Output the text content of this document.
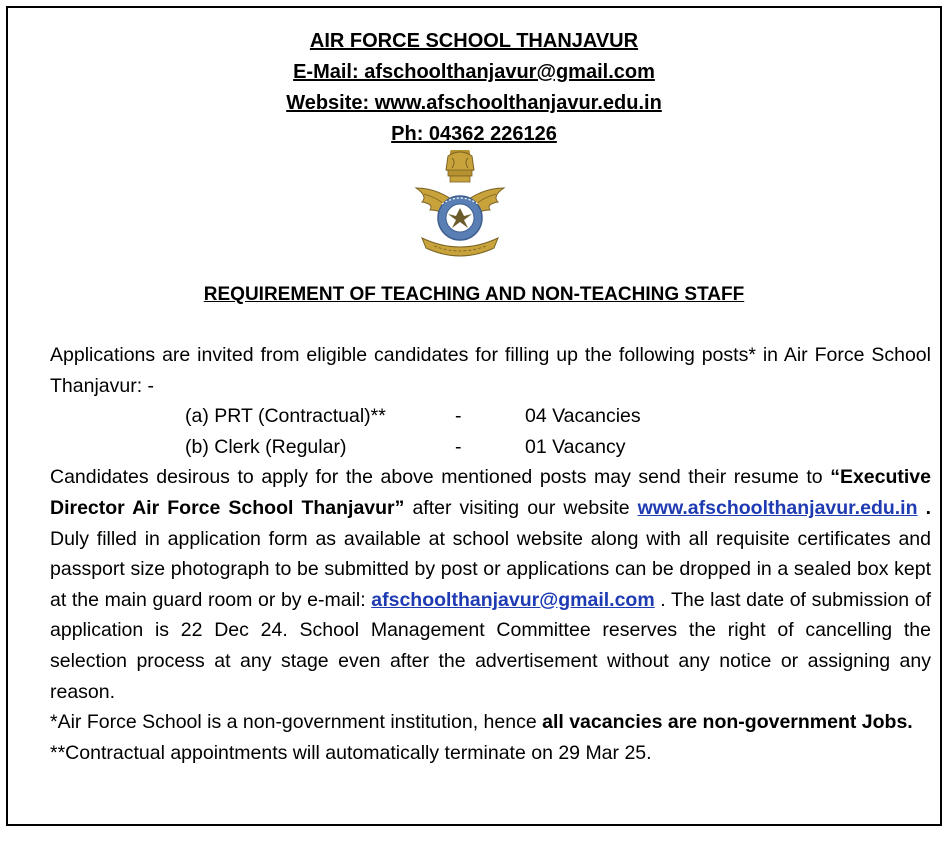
AIR FORCE SCHOOL THANJAVUR
E-Mail: afschoolthanjavur@gmail.com
Website: www.afschoolthanjavur.edu.in
Ph: 04362 226126
REQUIREMENT OF TEACHING AND NON-TEACHING STAFF

Applications are invited from eligible candidates for filling up the following posts* in Air Force School Thanjavur: -

(a) PRT (Contractual)**	-	04 Vacancies
(b) Clerk (Regular)	-	01 Vacancy

Candidates desirous to apply for the above mentioned posts may send their resume to “Executive Director Air Force School Thanjavur” after visiting our website www.afschoolthanjavur.edu.in . Duly filled in application form as available at school website along with all requisite certificates and passport size photograph to be submitted by post or applications can be dropped in a sealed box kept at the main guard room or by e-mail: afschoolthanjavur@gmail.com . The last date of submission of application is 22 Dec 24. School Management Committee reserves the right of cancelling the selection process at any stage even after the advertisement without any notice or assigning any reason.

*Air Force School is a non-government institution, hence all vacancies are non-government Jobs.

**Contractual appointments will automatically terminate on 29 Mar 25.
